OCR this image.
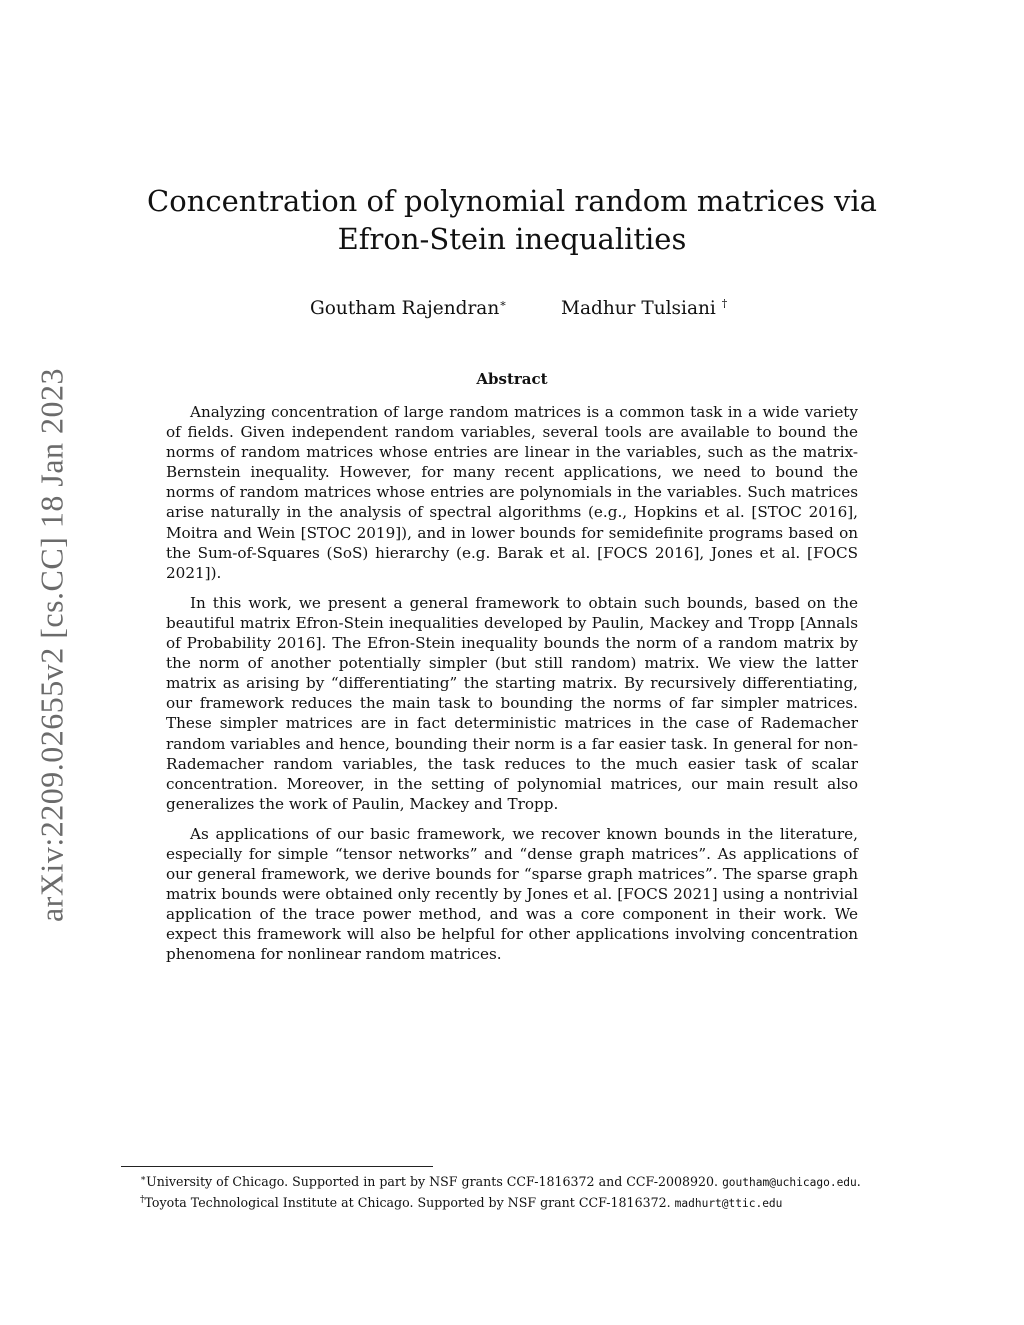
arXiv:2209.02655v2 [cs.CC] 18 Jan 2023
Concentration of polynomial random matrices via
Efron-Stein inequalities
Goutham Rajendran∗	Madhur Tulsiani †
Abstract

Analyzing concentration of large random matrices is a common task in a wide variety of fields. Given independent random variables, several tools are available to bound the norms of random matrices whose entries are linear in the variables, such as the matrix-Bernstein inequality. However, for many recent applications, we need to bound the norms of random matrices whose entries are polynomials in the variables. Such matrices arise naturally in the analysis of spectral algorithms (e.g., Hopkins et al. [STOC 2016], Moitra and Wein [STOC 2019]), and in lower bounds for semidefinite programs based on the Sum-of-Squares (SoS) hierarchy (e.g. Barak et al. [FOCS 2016], Jones et al. [FOCS 2021]).

In this work, we present a general framework to obtain such bounds, based on the beautiful matrix Efron-Stein inequalities developed by Paulin, Mackey and Tropp [Annals of Probability 2016]. The Efron-Stein inequality bounds the norm of a random matrix by the norm of another potentially simpler (but still random) matrix. We view the latter matrix as arising by “differentiating” the starting matrix. By recursively differentiating, our framework reduces the main task to bounding the norms of far simpler matrices. These simpler matrices are in fact deterministic matrices in the case of Rademacher random variables and hence, bounding their norm is a far easier task. In general for non-Rademacher random variables, the task reduces to the much easier task of scalar concentration. Moreover, in the setting of polynomial matrices, our main result also generalizes the work of Paulin, Mackey and Tropp.

As applications of our basic framework, we recover known bounds in the literature, especially for simple “tensor networks” and “dense graph matrices”. As applications of our general framework, we derive bounds for “sparse graph matrices”. The sparse graph matrix bounds were obtained only recently by Jones et al. [FOCS 2021] using a nontrivial application of the trace power method, and was a core component in their work. We expect this framework will also be helpful for other applications involving concentration phenomena for nonlinear random matrices.

∗University of Chicago. Supported in part by NSF grants CCF-1816372 and CCF-2008920. goutham@uchicago.edu.
†Toyota Technological Institute at Chicago. Supported by NSF grant CCF-1816372. madhurt@ttic.edu
